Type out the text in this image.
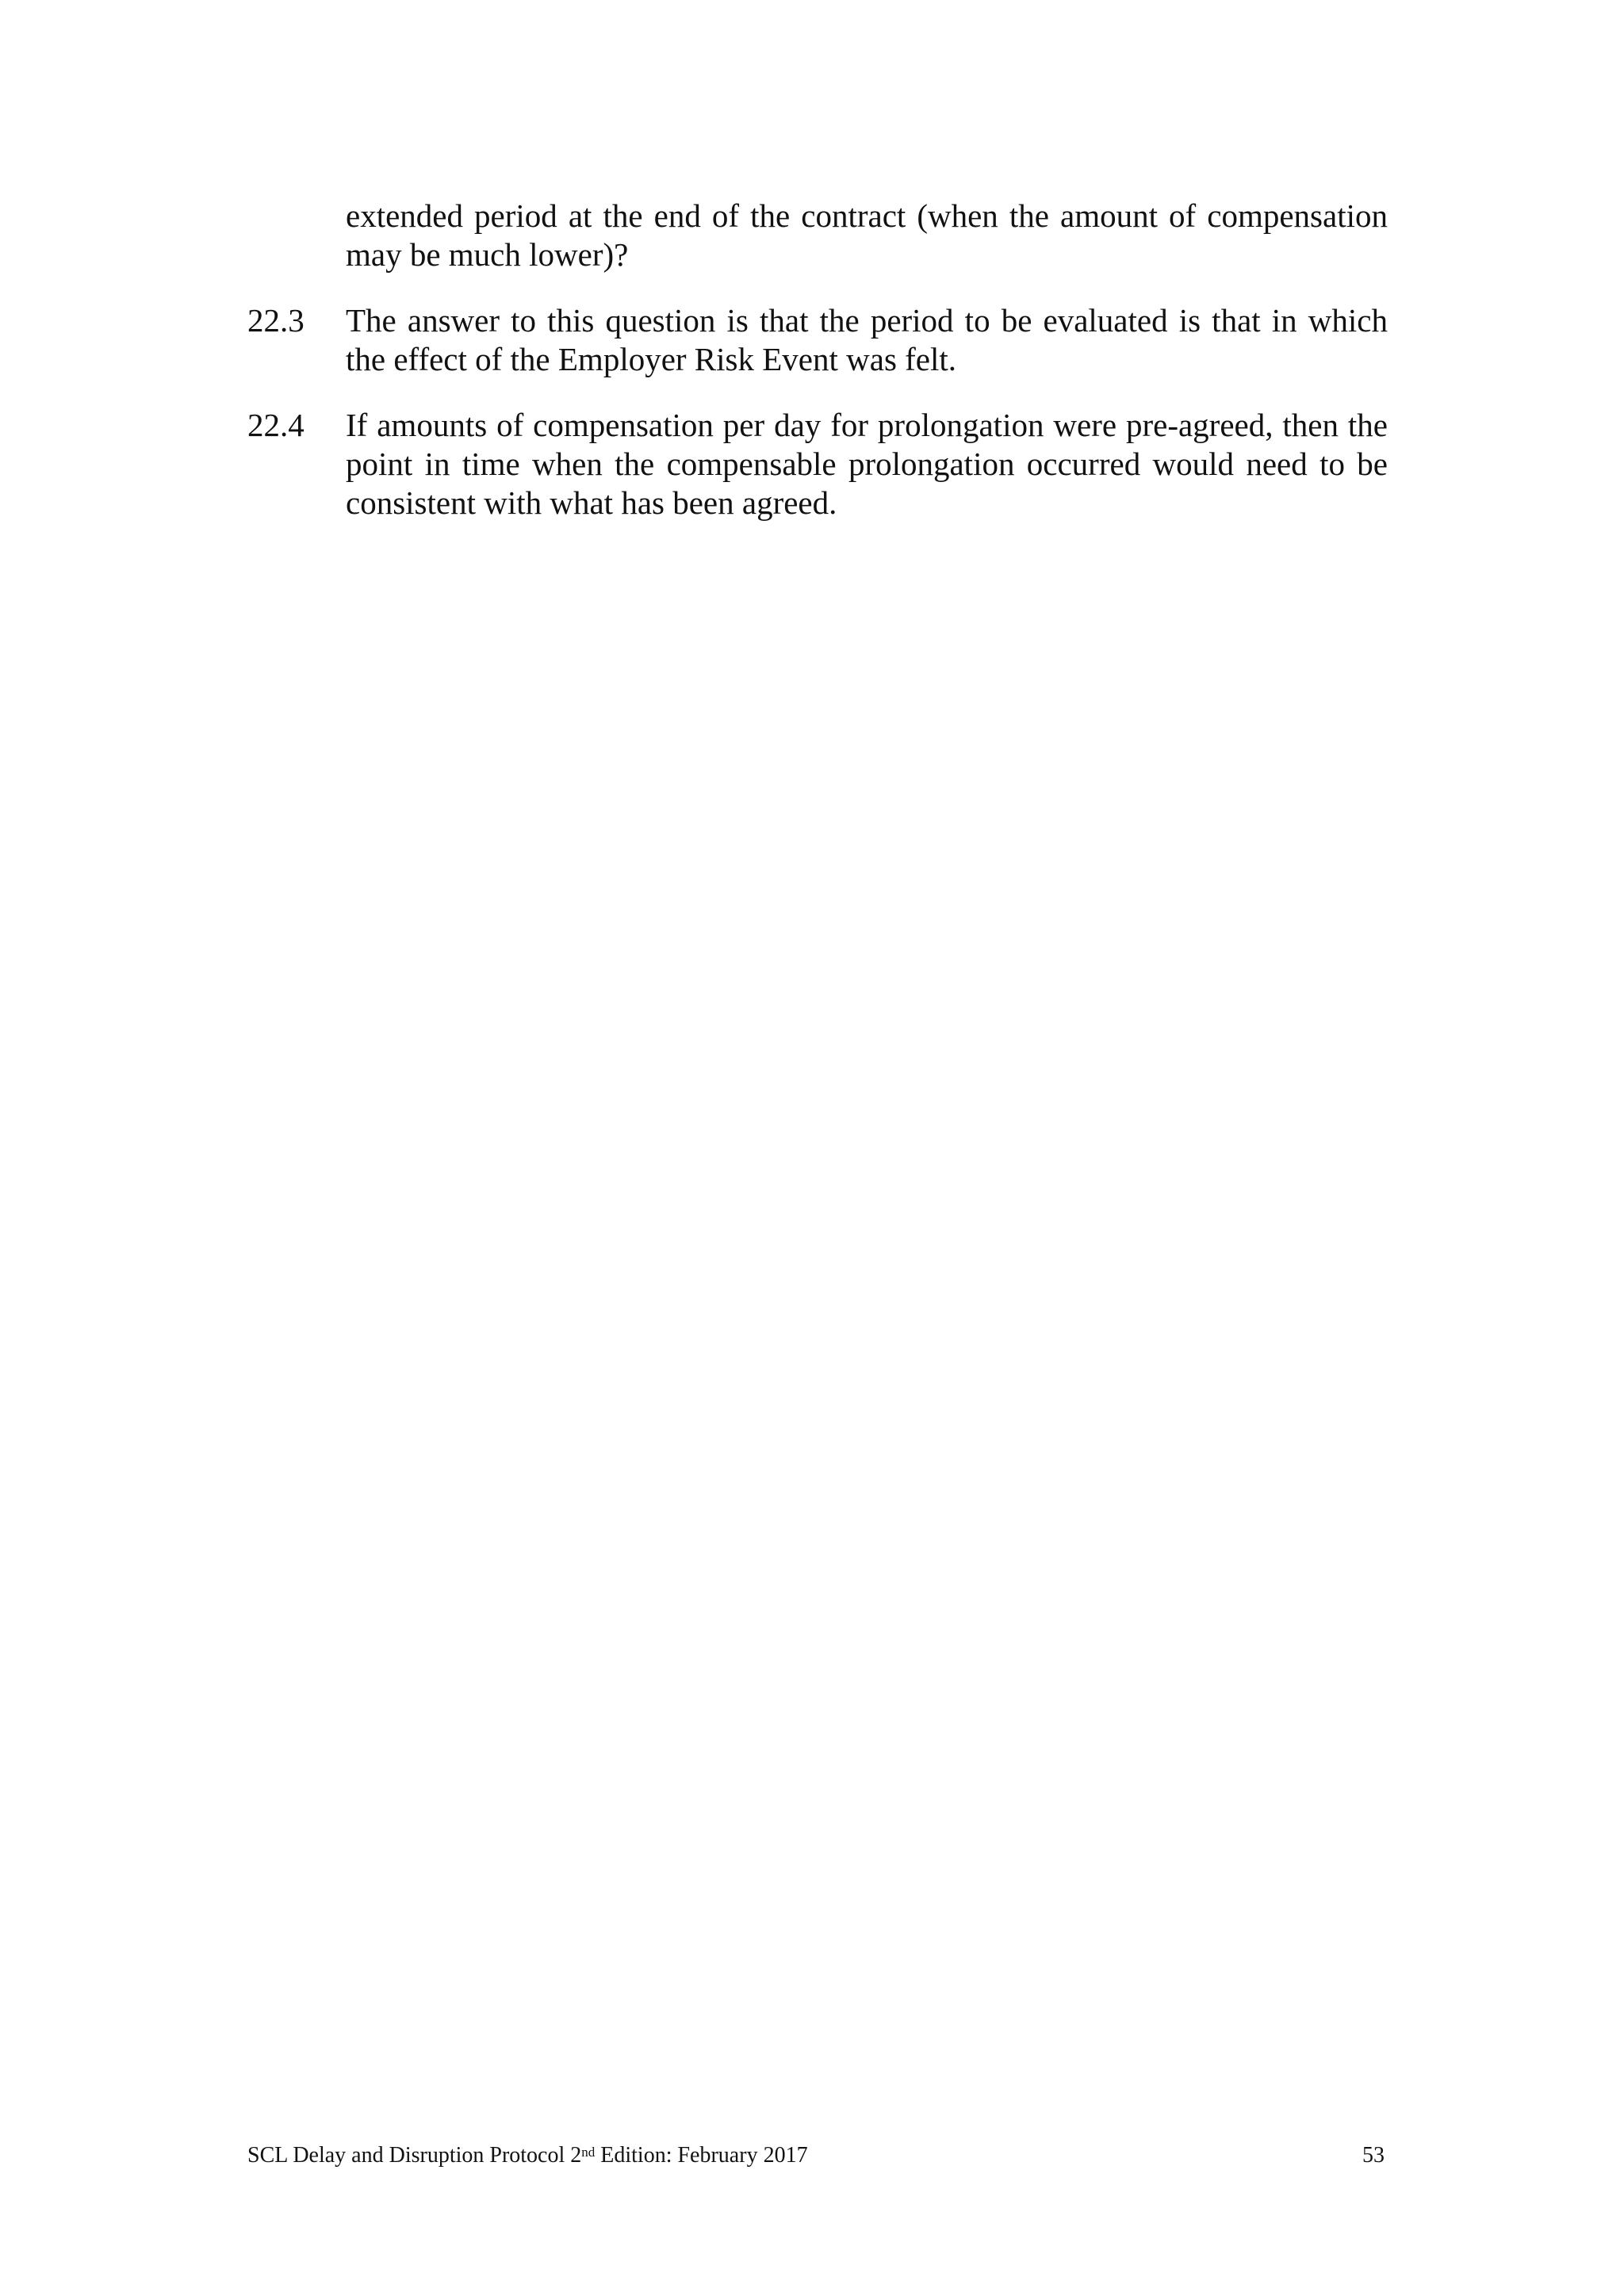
extended period at the end of the contract (when the amount of compensation may be much lower)?
22.3	The answer to this question is that the period to be evaluated is that in which the effect of the Employer Risk Event was felt.
22.4	If amounts of compensation per day for prolongation were pre-agreed, then the point in time when the compensable prolongation occurred would need to be consistent with what has been agreed.
SCL Delay and Disruption Protocol 2nd Edition: February 2017	53
